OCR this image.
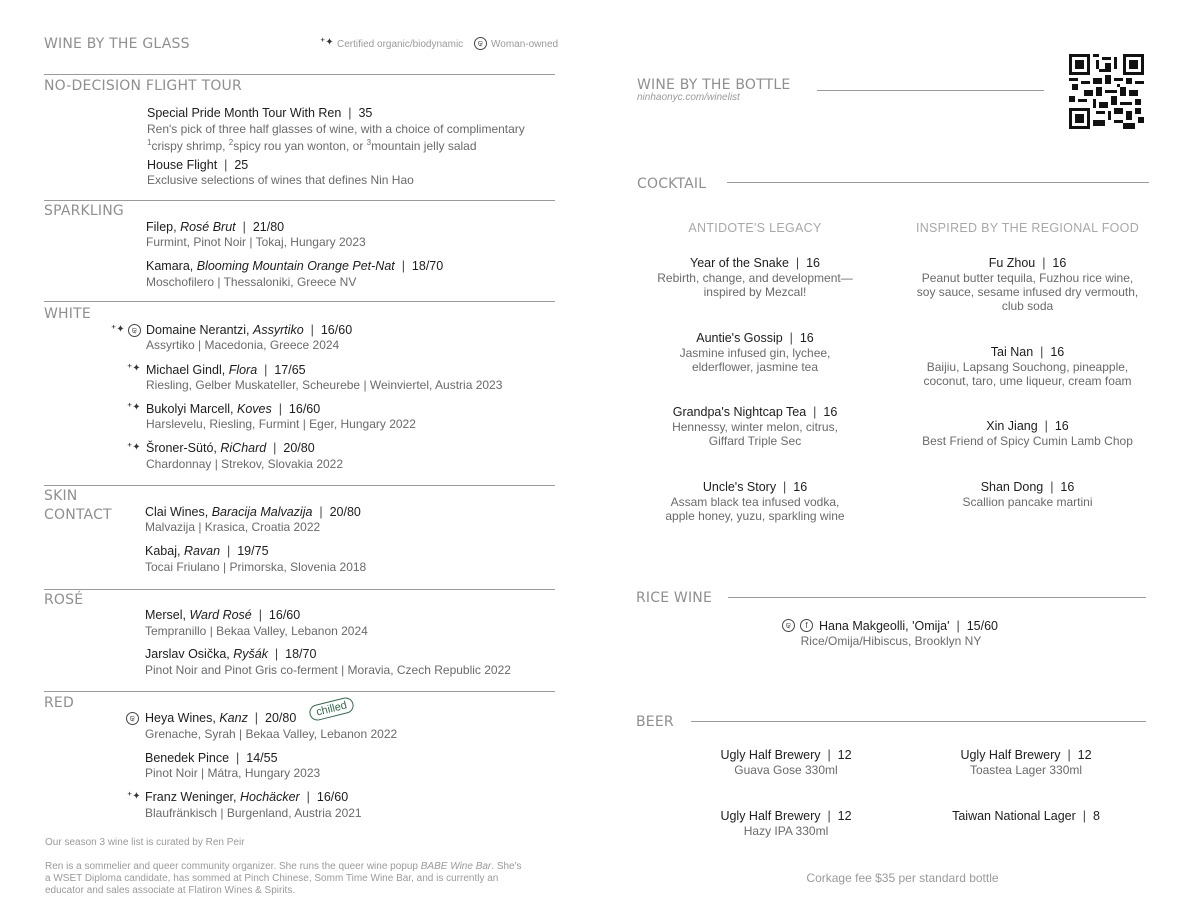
WINE BY THE GLASS	⁺✦ Certified organic/biodynamic	ଢ Woman-owned
NO-DECISION FLIGHT TOUR
Special Pride Month Tour With Ren | 35
Ren's pick of three half glasses of wine, with a choice of complimentary
$^1$crispy shrimp, $^2$spicy rou yan wonton, or $^3$mountain jelly salad
House Flight | 25
Exclusive selections of wines that defines Nin Hao
SPARKLING
Filep, Rosé Brut | 21/80
Furmint, Pinot Noir | Tokaj, Hungary 2023
Kamara, Blooming Mountain Orange Pet-Nat | 18/70
Moschofilero | Thessaloniki, Greece NV
WHITE
⁺✦ ଢ Domaine Nerantzi, Assyrtiko | 16/60
Assyrtiko | Macedonia, Greece 2024
⁺✦ Michael Gindl, Flora | 17/65
Riesling, Gelber Muskateller, Scheurebe | Weinviertel, Austria 2023
⁺✦ Bukolyi Marcell, Koves | 16/60
Harslevelu, Riesling, Furmint | Eger, Hungary 2022
⁺✦ Šroner-Sütó, RiChard | 20/80
Chardonnay | Strekov, Slovakia 2022
SKIN
CONTACT	Clai Wines, Baracija Malvazija | 20/80
Malvazija | Krasica, Croatia 2022
Kabaj, Ravan | 19/75
Tocai Friulano | Primorska, Slovenia 2018
ROSÉ
Mersel, Ward Rosé | 16/60
Tempranillo | Bekaa Valley, Lebanon 2024
Jarslav Osička, Ryšák | 18/70
Pinot Noir and Pinot Gris co-ferment | Moravia, Czech Republic 2022
RED
ଢ Heya Wines, Kanz | 20/80	chilled
Grenache, Syrah | Bekaa Valley, Lebanon 2022
Benedek Pince | 14/55
Pinot Noir | Mátra, Hungary 2023
⁺✦ Franz Weninger, Hochäcker | 16/60
Blaufränkisch | Burgenland, Austria 2021
Our season 3 wine list is curated by Ren Peir
Ren is a sommelier and queer community organizer. She runs the queer wine popup BABE Wine Bar. She's
a WSET Diploma candidate, has sommed at Pinch Chinese, Somm Time Wine Bar, and is currently an
educator and sales associate at Flatiron Wines & Spirits.
WINE BY THE BOTTLE
ninhaonyc.com/winelist
COCKTAIL
ANTIDOTE'S LEGACY	INSPIRED BY THE REGIONAL FOOD
Year of the Snake | 16
Rebirth, change, and development—
inspired by Mezcal!
Auntie's Gossip | 16
Jasmine infused gin, lychee,
elderflower, jasmine tea
Grandpa's Nightcap Tea | 16
Hennessy, winter melon, citrus,
Giffard Triple Sec
Uncle's Story | 16
Assam black tea infused vodka,
apple honey, yuzu, sparkling wine
Fu Zhou | 16
Peanut butter tequila, Fuzhou rice wine,
soy sauce, sesame infused dry vermouth,
club soda
Tai Nan | 16
Baijiu, Lapsang Souchong, pineapple,
coconut, taro, ume liqueur, cream foam
Xin Jiang | 16
Best Friend of Spicy Cumin Lamb Chop
Shan Dong | 16
Scallion pancake martini
RICE WINE
ଢ	f Hana Makgeolli, 'Omija' | 15/60
Rice/Omija/Hibiscus, Brooklyn NY
BEER
Ugly Half Brewery | 12
Guava Gose 330ml
Ugly Half Brewery | 12
Toastea Lager 330ml
Ugly Half Brewery | 12
Hazy IPA 330ml
Taiwan National Lager | 8
Corkage fee $35 per standard bottle
